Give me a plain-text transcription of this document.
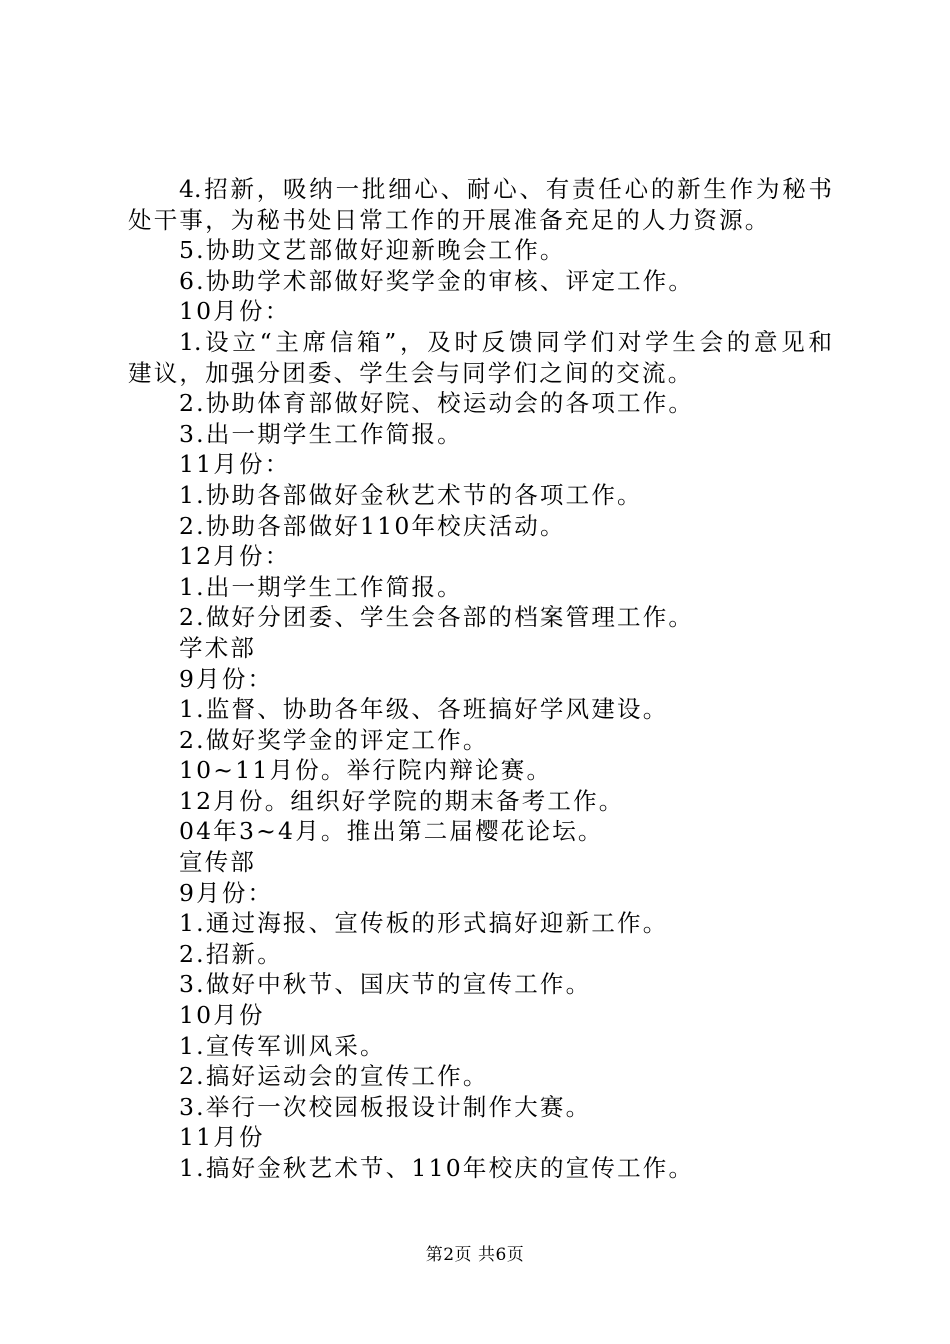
4.招新，吸纳一批细心、耐心、有责任心的新生作为秘书
处干事，为秘书处日常工作的开展准备充足的人力资源。
5.协助文艺部做好迎新晚会工作。
6.协助学术部做好奖学金的审核、评定工作。
10月份：
1.设立“主席信箱”，及时反馈同学们对学生会的意见和
建议，加强分团委、学生会与同学们之间的交流。
2.协助体育部做好院、校运动会的各项工作。
3.出一期学生工作简报。
11月份：
1.协助各部做好金秋艺术节的各项工作。
2.协助各部做好110年校庆活动。
12月份：
1.出一期学生工作简报。
2.做好分团委、学生会各部的档案管理工作。
学术部
9月份：
1.监督、协助各年级、各班搞好学风建设。
2.做好奖学金的评定工作。
10~11月份。举行院内辩论赛。
12月份。组织好学院的期末备考工作。
04年3~4月。推出第二届樱花论坛。
宣传部
9月份：
1.通过海报、宣传板的形式搞好迎新工作。
2.招新。
3.做好中秋节、国庆节的宣传工作。
10月份
1.宣传军训风采。
2.搞好运动会的宣传工作。
3.举行一次校园板报设计制作大赛。
11月份
1.搞好金秋艺术节、110年校庆的宣传工作。
第2页 共6页
